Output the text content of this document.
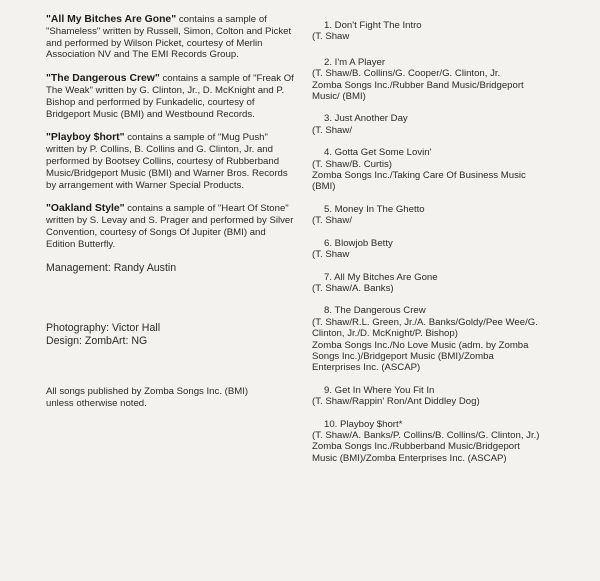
"All My Bitches Are Gone" contains a sample of "Shameless" written by Russell, Simon, Colton and Picket and performed by Wilson Picket, courtesy of Merlin Association NV and The EMI Records Group.

"The Dangerous Crew" contains a sample of "Freak Of The Weak" written by G. Clinton, Jr., D. McKnight and P. Bishop and performed by Funkadelic, courtesy of Bridgeport Music (BMI) and Westbound Records.

"Playboy $hort" contains a sample of "Mug Push" written by P. Collins, B. Collins and G. Clinton, Jr. and performed by Bootsey Collins, courtesy of Rubberband Music/Bridgeport Music (BMI) and Warner Bros. Records by arrangement with Warner Special Products.

"Oakland Style" contains a sample of "Heart Of Stone" written by S. Levay and S. Prager and performed by Silver Convention, courtesy of Songs Of Jupiter (BMI) and Edition Butterfly.

Management: Randy Austin
Photography: Victor Hall
Design: ZombArt: NG
All songs published by Zomba Songs Inc. (BMI)
unless otherwise noted.
1. Don't Fight The Intro
(T. Shaw
2. I'm A Player
(T. Shaw/B. Collins/G. Cooper/G. Clinton, Jr.
Zomba Songs Inc./Rubber Band Music/Bridgeport
Music/ (BMI)
3. Just Another Day
(T. Shaw/
4. Gotta Get Some Lovin'
(T. Shaw/B. Curtis)
Zomba Songs Inc./Taking Care Of Business Music
(BMI)
5. Money In The Ghetto
(T. Shaw/
6. Blowjob Betty
(T. Shaw
7. All My Bitches Are Gone
(T. Shaw/A. Banks)
8. The Dangerous Crew
(T. Shaw/R.L. Green, Jr./A. Banks/Goldy/Pee Wee/G.
Clinton, Jr./D. McKnight/P. Bishop)
Zomba Songs Inc./No Love Music (adm. by Zomba
Songs Inc.)/Bridgeport Music (BMI)/Zomba
Enterprises Inc. (ASCAP)
9. Get In Where You Fit In
(T. Shaw/Rappin' Ron/Ant Diddley Dog)
10. Playboy $hort*
(T. Shaw/A. Banks/P. Collins/B. Collins/G. Clinton, Jr.)
Zomba Songs Inc./Rubberband Music/Bridgeport
Music (BMI)/Zomba Enterprises Inc. (ASCAP)
